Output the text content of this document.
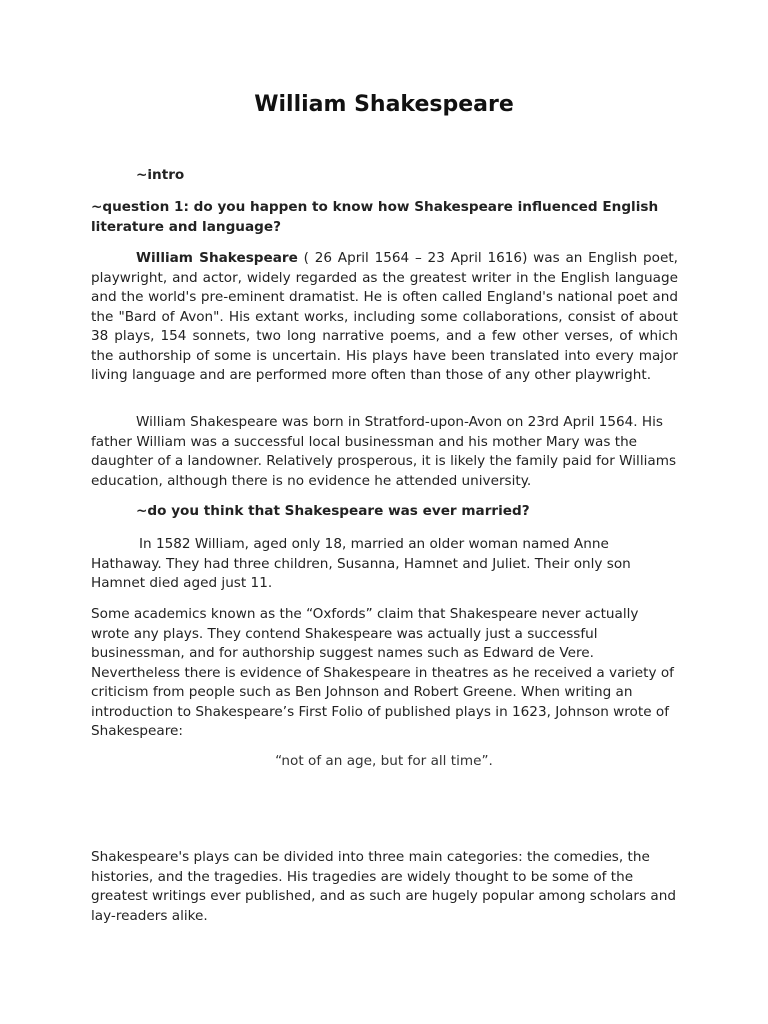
William Shakespeare

~intro

~question 1: do you happen to know how Shakespeare influenced English literature and language?

William Shakespeare ( 26 April 1564 – 23 April 1616) was an English poet, playwright, and actor, widely regarded as the greatest writer in the English language and the world's pre-eminent dramatist. He is often called England's national poet and the "Bard of Avon". His extant works, including some collaborations, consist of about 38 plays, 154 sonnets, two long narrative poems, and a few other verses, of which the authorship of some is uncertain. His plays have been translated into every major living language and are performed more often than those of any other playwright.

William Shakespeare was born in Stratford-upon-Avon on 23rd April 1564. His father William was a successful local businessman and his mother Mary was the daughter of a landowner. Relatively prosperous, it is likely the family paid for Williams education, although there is no evidence he attended university.

~do you think that Shakespeare was ever married?

In 1582 William, aged only 18, married an older woman named Anne Hathaway. They had three children, Susanna, Hamnet and Juliet. Their only son Hamnet died aged just 11.

Some academics known as the “Oxfords” claim that Shakespeare never actually wrote any plays. They contend Shakespeare was actually just a successful businessman, and for authorship suggest names such as Edward de Vere. Nevertheless there is evidence of Shakespeare in theatres as he received a variety of criticism from people such as Ben Johnson and Robert Greene. When writing an introduction to Shakespeare’s First Folio of published plays in 1623, Johnson wrote of Shakespeare:

“not of an age, but for all time”.

Shakespeare's plays can be divided into three main categories: the comedies, the histories, and the tragedies. His tragedies are widely thought to be some of the greatest writings ever published, and as such are hugely popular among scholars and lay-readers alike.
